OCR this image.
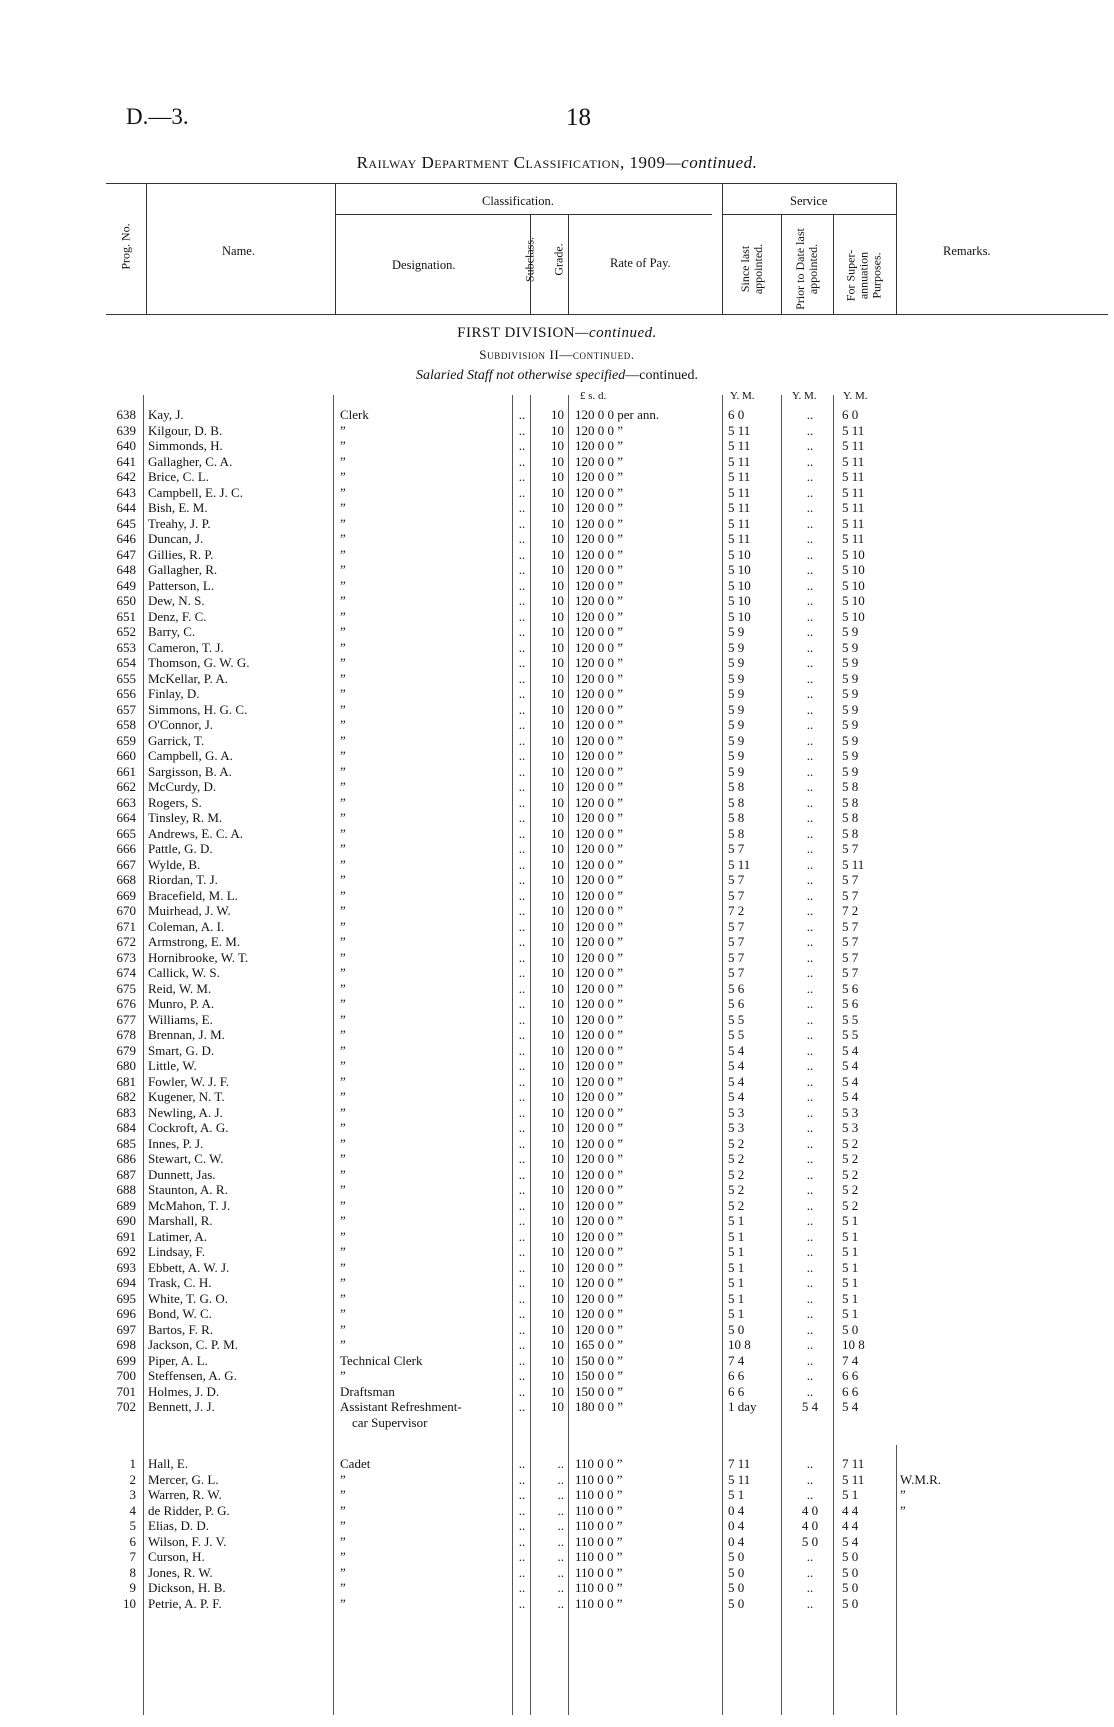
D.—3.	18
Railway Department Classification, 1909—continued.
Prog. No.	Name.
Classification.
Designation.	Subclass. Grade.	Rate of Pay.
Service
Since last appointed. Prior to Date last appointed. For Super-annuation Purposes.
Remarks.
FIRST DIVISION—continued.
Subdivision II—continued.
Salaried Staff not otherwise specified—continued.
£ s. d.	Y. M.	Y. M. Y. M.
638 Kay, J.	Clerk	..	10 120 0 0 per ann.	6 0	..	6 0
639 Kilgour, D. B.	”	..	10 120 0 0 ”	5 11	..	5 11
640 Simmonds, H.	”	..	10 120 0 0 ”	5 11	..	5 11
641 Gallagher, C. A.	”	..	10 120 0 0 ”	5 11	..	5 11
642 Brice, C. L.	”	..	10 120 0 0 ”	5 11	..	5 11
643 Campbell, E. J. C.	”	..	10 120 0 0 ”	5 11	..	5 11
644 Bish, E. M.	”	..	10 120 0 0 ”	5 11	..	5 11
645 Treahy, J. P.	”	..	10 120 0 0 ”	5 11	..	5 11
646 Duncan, J.	”	..	10 120 0 0 ”	5 11	..	5 11
647 Gillies, R. P.	”	..	10 120 0 0 ”	5 10	..	5 10
648 Gallagher, R.	”	..	10 120 0 0 ”	5 10	..	5 10
649 Patterson, L.	”	..	10 120 0 0 ”	5 10	..	5 10
650 Dew, N. S.	”	..	10 120 0 0 ”	5 10	..	5 10
651 Denz, F. C.	”	..	10 120 0 0 ”	5 10	..	5 10
652 Barry, C.	”	..	10 120 0 0 ”	5 9	..	5 9
653 Cameron, T. J.	”	..	10 120 0 0 ”	5 9	..	5 9
654 Thomson, G. W. G.	”	..	10 120 0 0 ”	5 9	..	5 9
655 McKellar, P. A.	”	..	10 120 0 0 ”	5 9	..	5 9
656 Finlay, D.	”	..	10 120 0 0 ”	5 9	..	5 9
657 Simmons, H. G. C.	”	..	10 120 0 0 ”	5 9	..	5 9
658 O'Connor, J.	”	..	10 120 0 0 ”	5 9	..	5 9
659 Garrick, T.	”	..	10 120 0 0 ”	5 9	..	5 9
660 Campbell, G. A.	”	..	10 120 0 0 ”	5 9	..	5 9
661 Sargisson, B. A.	”	..	10 120 0 0 ”	5 9	..	5 9
662 McCurdy, D.	”	..	10 120 0 0 ”	5 8	..	5 8
663 Rogers, S.	”	..	10 120 0 0 ”	5 8	..	5 8
664 Tinsley, R. M.	”	..	10 120 0 0 ”	5 8	..	5 8
665 Andrews, E. C. A.	”	..	10 120 0 0 ”	5 8	..	5 8
666 Pattle, G. D.	”	..	10 120 0 0 ”	5 7	..	5 7
667 Wylde, B.	”	..	10 120 0 0 ”	5 11	..	5 11
668 Riordan, T. J.	”	..	10 120 0 0 ”	5 7	..	5 7
669 Bracefield, M. L.	”	..	10 120 0 0 ”	5 7	..	5 7
670 Muirhead, J. W.	”	..	10 120 0 0 ”	7 2	..	7 2
671 Coleman, A. I.	”	..	10 120 0 0 ”	5 7	..	5 7
672 Armstrong, E. M.	”	..	10 120 0 0 ”	5 7	..	5 7
673 Hornibrooke, W. T.	”	..	10 120 0 0 ”	5 7	..	5 7
674 Callick, W. S.	”	..	10 120 0 0 ”	5 7	..	5 7
675 Reid, W. M.	”	..	10 120 0 0 ”	5 6	..	5 6
676 Munro, P. A.	”	..	10 120 0 0 ”	5 6	..	5 6
677 Williams, E.	”	..	10 120 0 0 ”	5 5	..	5 5
678 Brennan, J. M.	”	..	10 120 0 0 ”	5 5	..	5 5
679 Smart, G. D.	”	..	10 120 0 0 ”	5 4	..	5 4
680 Little, W.	”	..	10 120 0 0 ”	5 4	..	5 4
681 Fowler, W. J. F.	”	..	10 120 0 0 ”	5 4	..	5 4
682 Kugener, N. T.	”	..	10 120 0 0 ”	5 4	..	5 4
683 Newling, A. J.	”	..	10 120 0 0 ”	5 3	..	5 3
684 Cockroft, A. G.	”	..	10 120 0 0 ”	5 3	..	5 3
685 Innes, P. J.	”	..	10 120 0 0 ”	5 2	..	5 2
686 Stewart, C. W.	”	..	10 120 0 0 ”	5 2	..	5 2
687 Dunnett, Jas.	”	..	10 120 0 0 ”	5 2	..	5 2
688 Staunton, A. R.	”	..	10 120 0 0 ”	5 2	..	5 2
689 McMahon, T. J.	”	..	10 120 0 0 ”	5 2	..	5 2
690 Marshall, R.	”	..	10 120 0 0 ”	5 1	..	5 1
691 Latimer, A.	”	..	10 120 0 0 ”	5 1	..	5 1
692 Lindsay, F.	”	..	10 120 0 0 ”	5 1	..	5 1
693 Ebbett, A. W. J.	”	..	10 120 0 0 ”	5 1	..	5 1
694 Trask, C. H.	”	..	10 120 0 0 ”	5 1	..	5 1
695 White, T. G. O.	”	..	10 120 0 0 ”	5 1	..	5 1
696 Bond, W. C.	”	..	10 120 0 0 ”	5 1	..	5 1
697 Bartos, F. R.	”	..	10 120 0 0 ”	5 0	..	5 0
698 Jackson, C. P. M.	”	..	10 165 0 0 ”	10 8	..	10 8
699 Piper, A. L.	Technical Clerk	..	10 150 0 0 ”	7 4	..	7 4
700 Steffensen, A. G.	”	..	10 150 0 0 ”	6 6	..	6 6
701 Holmes, J. D.	Draftsman	..	10 150 0 0 ”	6 6	..	6 6
702 Bennett, J. J.	Assistant Refreshment-	..	10 180 0 0 ”	1 day	5 4	5 4
car Supervisor
1 Hall, E.	Cadet	..	.. 110 0 0 ”	7 11	..	7 11
2 Mercer, G. L.	”	..	.. 110 0 0 ”	5 11	..	5 11	W.M.R.
3 Warren, R. W.	”	..	.. 110 0 0 ”	5 1	..	5 1	”
4 de Ridder, P. G.	”	..	.. 110 0 0 ”	0 4	4 0	4 4	”
5 Elias, D. D.	”	..	.. 110 0 0 ”	0 4	4 0	4 4
6 Wilson, F. J. V.	”	..	.. 110 0 0 ”	0 4	5 0	5 4
7 Curson, H.	”	..	.. 110 0 0 ”	5 0	..	5 0
8 Jones, R. W.	”	..	.. 110 0 0 ”	5 0	..	5 0
9 Dickson, H. B.	”	..	.. 110 0 0 ”	5 0	..	5 0
10 Petrie, A. P. F.	”	..	.. 110 0 0 ”	5 0	..	5 0
